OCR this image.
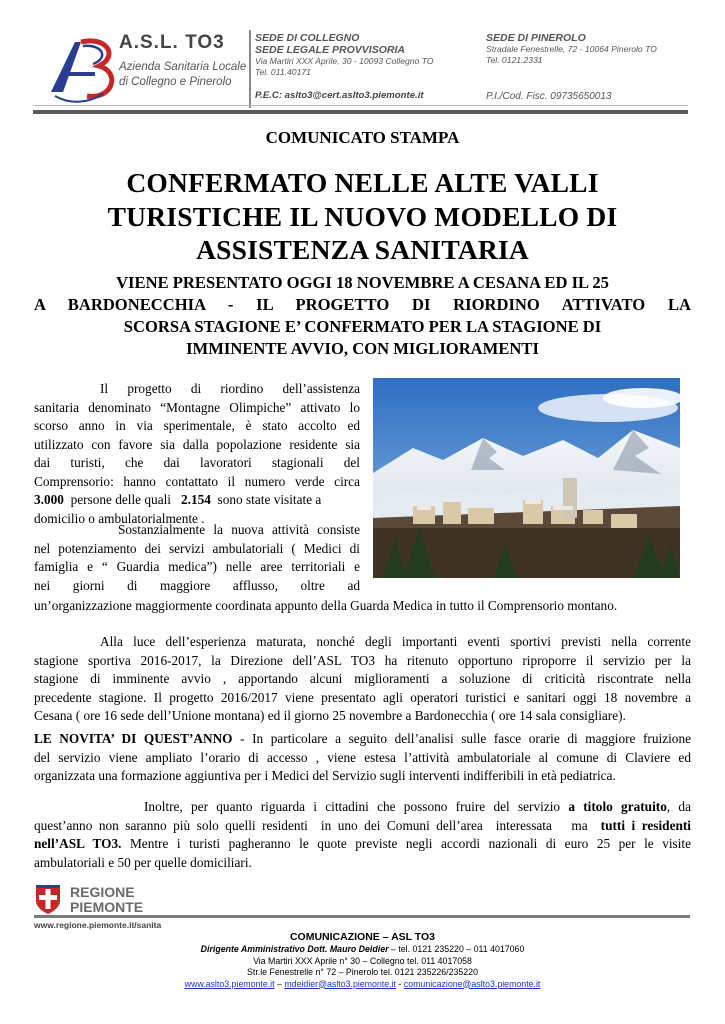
A.S.L. TO3
Azienda Sanitaria Locale
di Collegno e Pinerolo
SEDE DI COLLEGNO
SEDE LEGALE PROVVISORIA
Via Martiri XXX Aprile, 30 - 10093 Collegno TO
Tel. 011.40171
SEDE DI PINEROLO
Stradale Fenestrelle, 72 - 10064 Pinerolo TO
Tel. 0121.2331
P.E.C: aslto3@cert.aslto3.piemonte.it	P.I./Cod. Fisc. 09735650013
COMUNICATO STAMPA
CONFERMATO NELLE ALTE VALLI
TURISTICHE IL NUOVO MODELLO DI
ASSISTENZA SANITARIA
VIENE PRESENTATO OGGI 18 NOVEMBRE A CESANA ED IL 25
A BARDONECCHIA - IL PROGETTO DI RIORDINO ATTIVATO LA
SCORSA STAGIONE E’ CONFERMATO PER LA STAGIONE DI
IMMINENTE AVVIO, CON MIGLIORAMENTI
Il progetto di riordino dell’assistenza
sanitaria denominato “Montagne Olimpiche” attivato lo
scorso anno in via sperimentale, è stato accolto ed
utilizzato con favore sia dalla popolazione residente sia
dai turisti, che dai lavoratori stagionali del
Comprensorio: hanno contattato il numero verde circa
3.000  persone delle quali   2.154  sono state visitate a
domicilio o ambulatorialmente .
Sostanzialmente la nuova attività consiste
nel potenziamento dei servizi ambulatoriali ( Medici di
famiglia e “ Guardia medica”) nelle aree territoriali e
nei giorni di maggiore afflusso, oltre ad
un’organizzazione maggiormente coordinata appunto della Guarda Medica in tutto il Comprensorio montano.
Alla luce dell’esperienza maturata, nonché degli importanti eventi sportivi previsti nella corrente
stagione sportiva 2016-2017, la Direzione dell’ASL TO3 ha ritenuto opportuno riproporre il servizio per la
stagione di imminente avvio , apportando alcuni miglioramenti a soluzione di criticità riscontrate nella
precedente stagione. Il progetto 2016/2017 viene presentato agli operatori turistici e sanitari oggi 18 novembre a
Cesana ( ore 16 sede dell’Unione montana) ed il giorno 25 novembre a Bardonecchia ( ore 14 sala consigliare).
LE NOVITA’ DI QUEST’ANNO - In particolare a seguito dell’analisi sulle fasce orarie di maggiore fruizione
del servizio viene ampliato l’orario di accesso , viene estesa l’attività ambulatoriale al comune di Claviere ed
organizzata una formazione aggiuntiva per i Medici del Servizio sugli interventi indifferibili in età pediatrica.
Inoltre, per quanto riguarda i cittadini che possono fruire del servizio a titolo gratuito, da
quest’anno non saranno più solo quelli residenti  in uno dei Comuni dell’area  interessata   ma  tutti i residenti
nell’ASL TO3. Mentre i turisti pagheranno le quote previste negli accordi nazionali di euro 25 per le visite
ambulatoriali e 50 per quelle domiciliari.
REGIONE
PIEMONTE
www.regione.piemonte.it/sanita
COMUNICAZIONE – ASL TO3
Dirigente Amministrativo Dott. Mauro Deidier – tel. 0121 235220 – 011 4017060
Via Martiri XXX Aprile n° 30 – Collegno tel. 011 4017058
Str.le Fenestrelle n° 72 – Pinerolo tel. 0121 235226/235220
www.aslto3.piemonte.it – mdeidier@aslto3.piemonte.it - comunicazione@aslto3.piemonte.it
